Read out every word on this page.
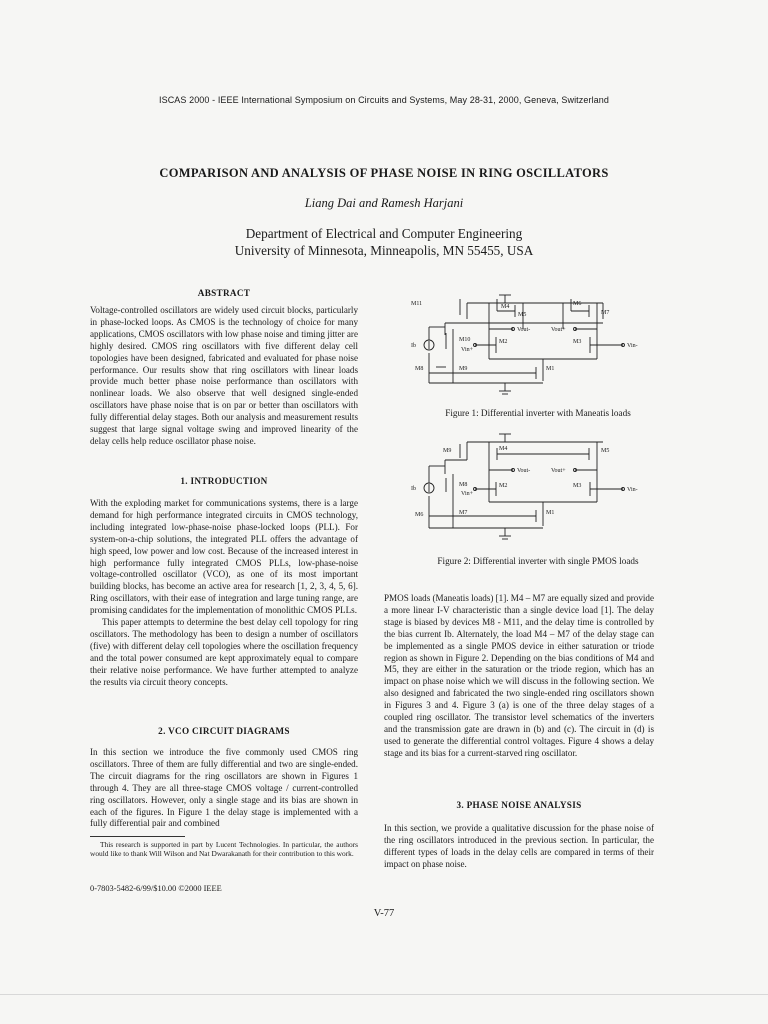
ISCAS 2000 - IEEE International Symposium on Circuits and Systems, May 28-31, 2000, Geneva, Switzerland
COMPARISON AND ANALYSIS OF PHASE NOISE IN RING OSCILLATORS
Liang Dai and Ramesh Harjani
Department of Electrical and Computer Engineering
University of Minnesota, Minneapolis, MN 55455, USA
ABSTRACT

Voltage-controlled oscillators are widely used circuit blocks, particularly in phase-locked loops. As CMOS is the technology of choice for many applications, CMOS oscillators with low phase noise and timing jitter are highly desired. CMOS ring oscillators with five different delay cell topologies have been designed, fabricated and evaluated for phase noise performance. Our results show that ring oscillators with linear loads provide much better phase noise performance than oscillators with nonlinear loads. We also observe that well designed single-ended oscillators have phase noise that is on par or better than oscillators with fully differential delay stages. Both our analysis and measurement results suggest that large signal voltage swing and improved linearity of the delay cells help reduce oscillator phase noise.

1. INTRODUCTION

With the exploding market for communications systems, there is a large demand for high performance integrated circuits in CMOS technology, including integrated low-phase-noise phase-locked loops (PLL). For system-on-a-chip solutions, the integrated PLL offers the advantage of high speed, low power and low cost. Because of the increased interest in high performance fully integrated CMOS PLLs, low-phase-noise voltage-controlled oscillator (VCO), as one of its most important building blocks, has become an active area for research [1, 2, 3, 4, 5, 6]. Ring oscillators, with their ease of integration and large tuning range, are promising candidates for the implementation of monolithic CMOS PLLs.

This paper attempts to determine the best delay cell topology for ring oscillators. The methodology has been to design a number of oscillators (five) with different delay cell topologies where the oscillation frequency and the total power consumed are kept approximately equal to compare their relative noise performance. We have further attempted to analyze the results via circuit theory concepts.

2. VCO CIRCUIT DIAGRAMS

In this section we introduce the five commonly used CMOS ring oscillators. Three of them are fully differential and two are single-ended. The circuit diagrams for the ring oscillators are shown in Figures 1 through 4. They are all three-stage CMOS voltage / current-controlled ring oscillators. However, only a single stage and its bias are shown in each of the figures. In Figure 1 the delay stage is implemented with a fully differential pair and combined

This research is supported in part by Lucent Technologies. In particular, the authors would like to thank Will Wilson and Nat Dwarakanath for their contribution to this work.
0-7803-5482-6/99/$10.00 ©2000 IEEE
M11	M4
M5
M6
M7
M10	M2	M3
M8	M9	M1
Ib
Vout-	Vout+
Vin+
Vin-
Figure 1: Differential inverter with Maneatis loads
M9	M4	M5
M8	M2	M3
M6	M7	M1
Ib
Vout-	Vout+
Vin+
Vin-
Figure 2: Differential inverter with single PMOS loads

PMOS loads (Maneatis loads) [1]. M4 – M7 are equally sized and provide a more linear I-V characteristic than a single device load [1]. The delay stage is biased by devices M8 - M11, and the delay time is controlled by the bias current Ib. Alternately, the load M4 – M7 of the delay stage can be implemented as a single PMOS device in either saturation or triode region as shown in Figure 2. Depending on the bias conditions of M4 and M5, they are either in the saturation or the triode region, which has an impact on phase noise which we will discuss in the following section. We also designed and fabricated the two single-ended ring oscillators shown in Figures 3 and 4. Figure 3 (a) is one of the three delay stages of a coupled ring oscillator. The transistor level schematics of the inverters and the transmission gate are drawn in (b) and (c). The circuit in (d) is used to generate the differential control voltages. Figure 4 shows a delay stage and its bias for a current-starved ring oscillator.

3. PHASE NOISE ANALYSIS

In this section, we provide a qualitative discussion for the phase noise of the ring oscillators introduced in the previous section. In particular, the different types of loads in the delay cells are compared in terms of their impact on phase noise.

V-77
